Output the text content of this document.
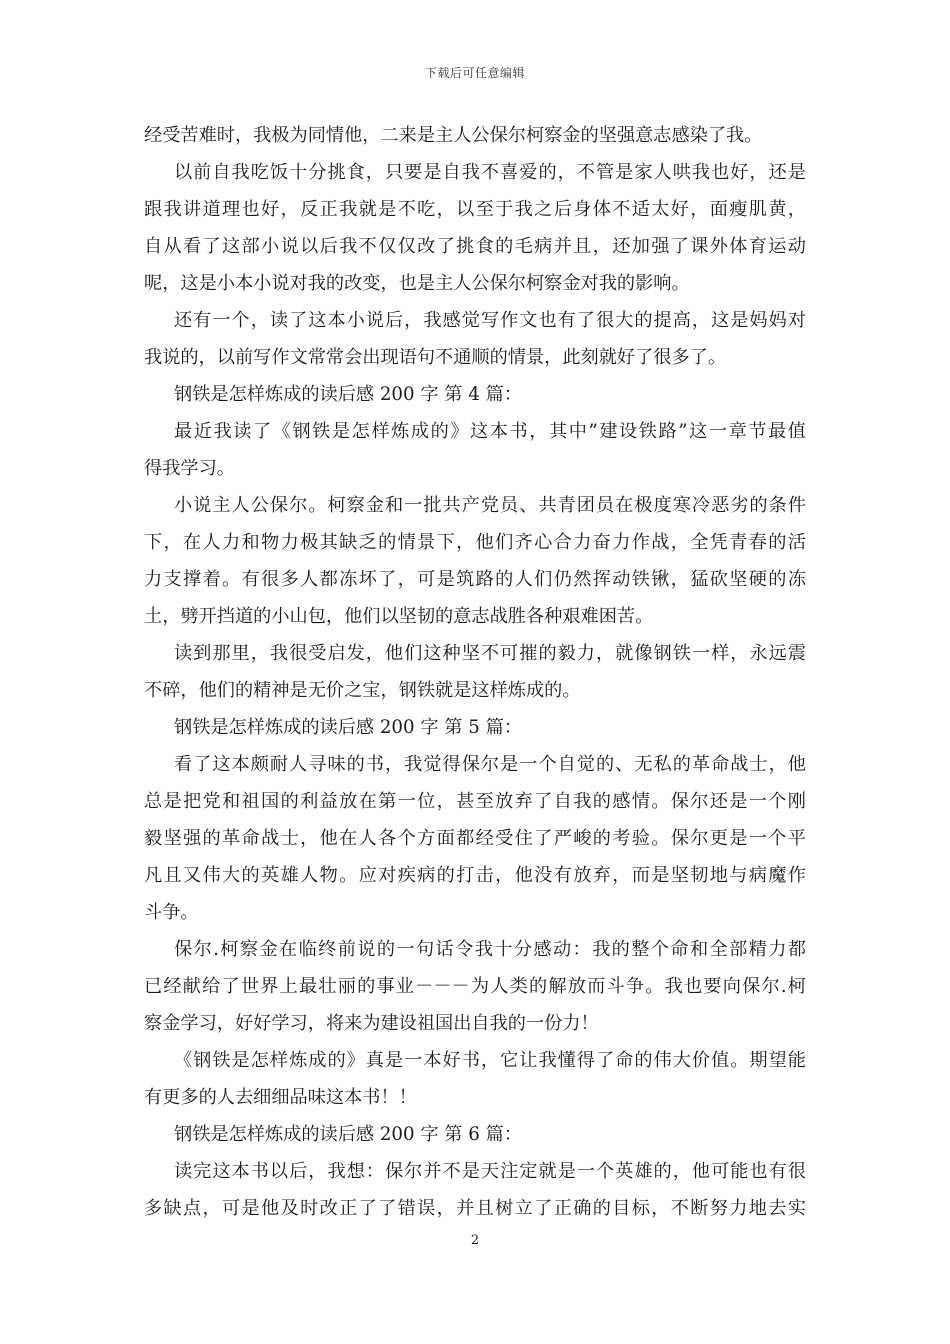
下载后可任意编辑
经受苦难时，我极为同情他，二来是主人公保尔柯察金的坚强意志感染了我。
以前自我吃饭十分挑食，只要是自我不喜爱的，不管是家人哄我也好，还是
跟我讲道理也好，反正我就是不吃，以至于我之后身体不适太好，面瘦肌黄，
自从看了这部小说以后我不仅仅改了挑食的毛病并且，还加强了课外体育运动
呢，这是小本小说对我的改变，也是主人公保尔柯察金对我的影响。
还有一个，读了这本小说后，我感觉写作文也有了很大的提高，这是妈妈对
我说的，以前写作文常常会出现语句不通顺的情景，此刻就好了很多了。
钢铁是怎样炼成的读后感 200 字 第 4 篇：
最近我读了《钢铁是怎样炼成的》这本书，其中”建设铁路”这一章节最值
得我学习。
小说主人公保尔。柯察金和一批共产党员、共青团员在极度寒冷恶劣的条件
下，在人力和物力极其缺乏的情景下，他们齐心合力奋力作战，全凭青春的活
力支撑着。有很多人都冻坏了，可是筑路的人们仍然挥动铁锹，猛砍坚硬的冻
土，劈开挡道的小山包，他们以坚韧的意志战胜各种艰难困苦。
读到那里，我很受启发，他们这种坚不可摧的毅力，就像钢铁一样，永远震
不碎，他们的精神是无价之宝，钢铁就是这样炼成的。
钢铁是怎样炼成的读后感 200 字 第 5 篇：
看了这本颇耐人寻味的书，我觉得保尔是一个自觉的、无私的革命战士，他
总是把党和祖国的利益放在第一位，甚至放弃了自我的感情。保尔还是一个刚
毅坚强的革命战士，他在人各个方面都经受住了严峻的考验。保尔更是一个平
凡且又伟大的英雄人物。应对疾病的打击，他没有放弃，而是坚韧地与病魔作
斗争。
保尔.柯察金在临终前说的一句话令我十分感动：我的整个命和全部精力都
已经献给了世界上最壮丽的事业－－－为人类的解放而斗争。我也要向保尔.柯
察金学习，好好学习，将来为建设祖国出自我的一份力！
《钢铁是怎样炼成的》真是一本好书，它让我懂得了命的伟大价值。期望能
有更多的人去细细品味这本书！！
钢铁是怎样炼成的读后感 200 字 第 6 篇：
读完这本书以后，我想：保尔并不是天注定就是一个英雄的，他可能也有很
多缺点，可是他及时改正了了错误，并且树立了正确的目标，不断努力地去实
2
